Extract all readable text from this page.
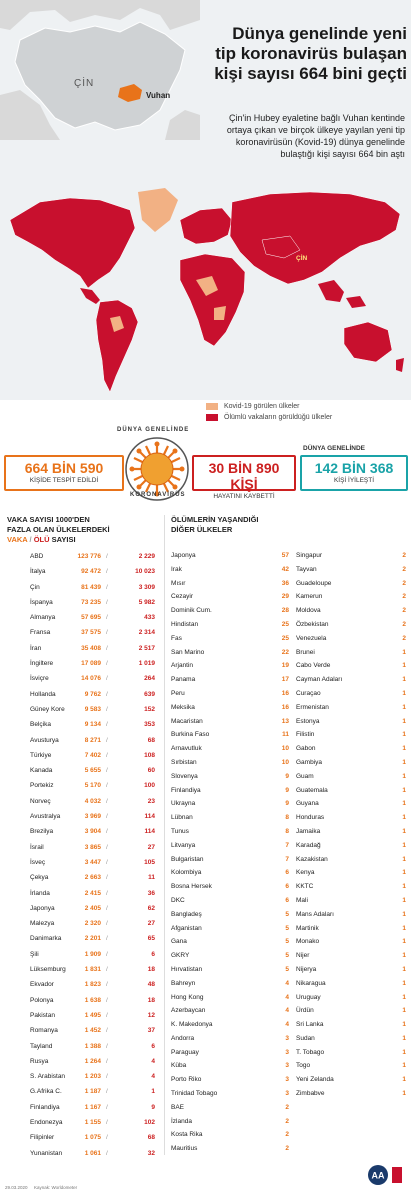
ÇİN
Vuhan
Dünya genelinde yeni tip koronavirüs bulaşan kişi sayısı 664 bini geçti

Çin'in Hubey eyaletine bağlı Vuhan kentinde ortaya çıkan ve birçok ülkeye yayılan yeni tip koronavirüsün (Kovid-19) dünya genelinde bulaştığı kişi sayısı 664 bin aştı

ÇİN
Kovid-19 görülen ülkeler
Ölümlü vakaların görüldüğü ülkeler
664 BİN 590
KİŞİDE TESPİT EDİLDİ
30 BİN 890 KİŞİ
HAYATINI KAYBETTİ
DÜNYA GENELİNDE
142 BİN 368
KİŞİ İYİLEŞTİ
DÜNYA GENELİNDE
KORONAVİRÜS
VAKA SAYISI 1000'DEN
FAZLA OLAN ÜLKELERDEKİ
VAKA / ÖLÜ SAYISI
ABD	123 776 /	2 229
İtalya	92 472 /	10 023
Çin	81 439 /	3 309
İspanya	73 235 /	5 982
Almanya	57 695 /	433
Fransa	37 575 /	2 314
İran	35 408 /	2 517
İngiltere	17 089 /	1 019
İsviçre	14 076 /	264
Hollanda	9 762 /	639
Güney Kore	9 583 /	152
Belçika	9 134 /	353
Avusturya	8 271 /	68
Türkiye	7 402 /	108
Kanada	5 655 /	60
Portekiz	5 170 /	100
Norveç	4 032 /	23
Avustralya	3 969 /	114
Brezilya	3 904 /	114
İsrail	3 865 /	27
İsveç	3 447 /	105
Çekya	2 663 /	11
İrlanda	2 415 /	36
Japonya	2 405 /	62
Malezya	2 320 /	27
Danimarka	2 201 /	65
Şili	1 909 /	6
Lüksemburg	1 831 /	18
Ekvador	1 823 /	48
Polonya	1 638 /	18
Pakistan	1 495 /	12
Romanya	1 452 /	37
Tayland	1 388 /	6
Rusya	1 264 /	4
S. Arabistan	1 203 /	4
G.Afrika C.	1 187 /	1
Finlandiya	1 167 /	9
Endonezya	1 155 /	102
Filipinler	1 075 /	68
Yunanistan	1 061 /	32
ÖLÜMLERİN YAŞANDIĞI
DİĞER ÜLKELER
Japonya	57
Irak	42
Mısır	36
Cezayir	29
Dominik Cum.	28
Hindistan	25
Fas	25
San Marino	22
Arjantin	19
Panama	17
Peru	16
Meksika	16
Macaristan	13
Burkina Faso	11
Arnavutluk	10
Sırbistan	10
Slovenya	9
Finlandiya	9
Ukrayna	9
Lübnan	8
Tunus	8
Litvanya	7
Bulgaristan	7
Kolombiya	6
Bosna Hersek	6
DKC	6
Bangladeş	5
Afganistan	5
Gana	5
GKRY	5
Hırvatistan	5
Bahreyn	4
Hong Kong	4
Azerbaycan	4
K. Makedonya	4
Andorra	3
Paraguay	3
Küba	3
Porto Riko	3
Trinidad Tobago	3
BAE	2
İzlanda	2
Kosta Rika	2
Mauritius	2
Singapur	2
Tayvan	2
Guadeloupe	2
Kamerun	2
Moldova	2
Özbekistan	2
Venezuela	2
Brunei	1
Cabo Verde	1
Cayman Adaları	1
Curaçao	1
Ermenistan	1
Estonya	1
Filistin	1
Gabon	1
Gambiya	1
Guam	1
Guatemala	1
Guyana	1
Honduras	1
Jamaika	1
Karadağ	1
Kazakistan	1
Kenya	1
KKTC	1
Mali	1
Mans Adaları	1
Martinik	1
Monako	1
Nijer	1
Nijerya	1
Nikaragua	1
Uruguay	1
Ürdün	1
Sri Lanka	1
Sudan	1
T. Tobago	1
Togo	1
Yeni Zelanda	1
Zimbabve	1
29.03.2020 Kaynak: Worldometer
AA
